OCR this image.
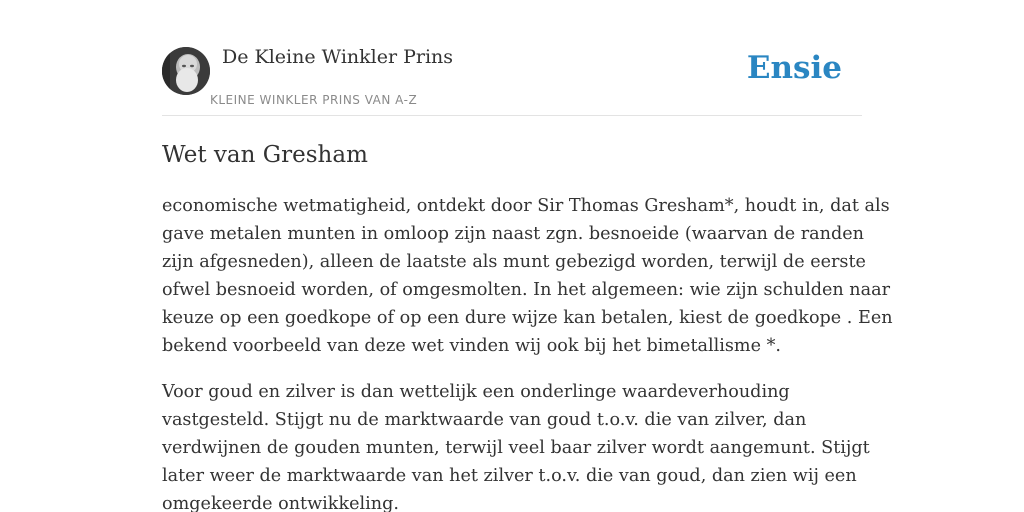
De Kleine Winkler Prins
KLEINE WINKLER PRINS VAN A-Z
Ensie
Wet van Gresham

economische wetmatigheid, ontdekt door Sir Thomas Gresham*, houdt in, dat als
gave metalen munten in omloop zijn naast zgn. besnoeide (waarvan de randen
zijn afgesneden), alleen de laatste als munt gebezigd worden, terwijl de eerste
ofwel besnoeid worden, of omgesmolten. In het algemeen: wie zijn schulden naar
keuze op een goedkope of op een dure wijze kan betalen, kiest de goedkope . Een
bekend voorbeeld van deze wet vinden wij ook bij het bimetallisme *.

Voor goud en zilver is dan wettelijk een onderlinge waardeverhouding
vastgesteld. Stijgt nu de marktwaarde van goud t.o.v. die van zilver, dan
verdwijnen de gouden munten, terwijl veel baar zilver wordt aangemunt. Stijgt
later weer de marktwaarde van het zilver t.o.v. die van goud, dan zien wij een
omgekeerde ontwikkeling.
